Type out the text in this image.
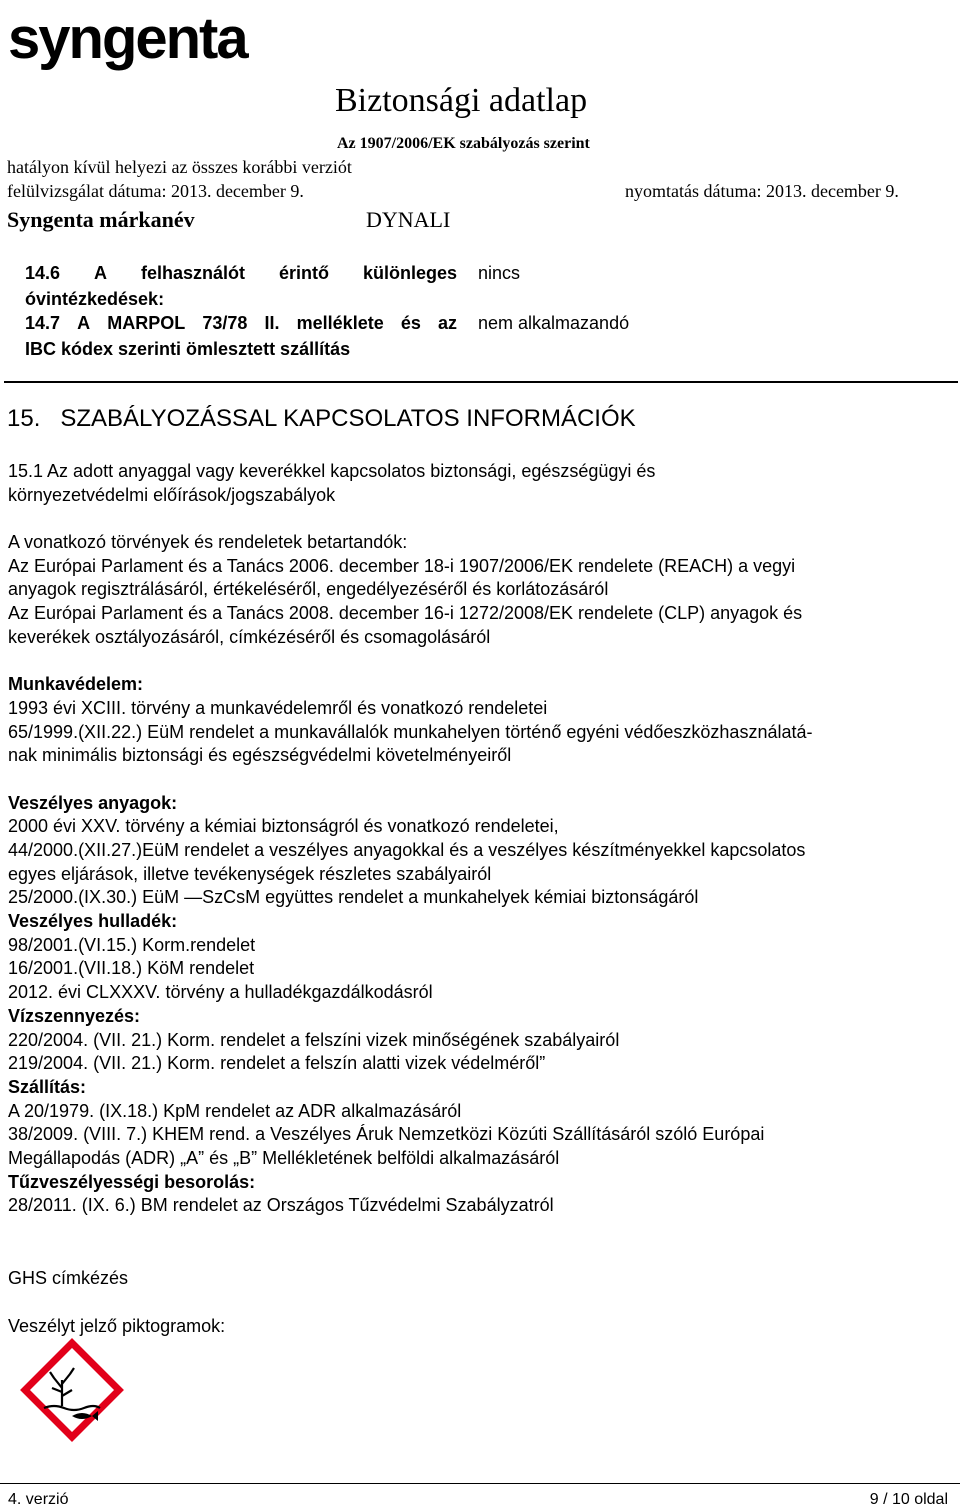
syngenta
Biztonsági adatlap
Az 1907/2006/EK szabályozás szerint
hatályon kívül helyezi az összes korábbi verziót
felülvizsgálat dátuma: 2013. december 9.	nyomtatás dátuma: 2013. december 9.
Syngenta márkanév	DYNALI
14.6 A felhasználót érintő különleges
óvintézkedések:
nincs
14.7 A MARPOL 73/78 II. melléklete és az
IBC kódex szerinti ömlesztett szállítás
nem alkalmazandó
15.   SZABÁLYOZÁSSAL KAPCSOLATOS INFORMÁCIÓK
15.1 Az adott anyaggal vagy keverékkel kapcsolatos biztonsági, egészségügyi és
környezetvédelmi előírások/jogszabályok
A vonatkozó törvények és rendeletek betartandók:
Az Európai Parlament és a Tanács 2006. december 18-i 1907/2006/EK rendelete (REACH) a vegyi
anyagok regisztrálásáról, értékeléséről, engedélyezéséről és korlátozásáról
Az Európai Parlament és a Tanács 2008. december 16-i 1272/2008/EK rendelete (CLP) anyagok és
keverékek osztályozásáról, címkézéséről és csomagolásáról
Munkavédelem:
1993 évi XCIII. törvény a munkavédelemről és vonatkozó rendeletei
65/1999.(XII.22.) EüM rendelet a munkavállalók munkahelyen történő egyéni védőeszközhasználatá-
nak minimális biztonsági és egészségvédelmi követelményeiről
Veszélyes anyagok:
2000 évi XXV. törvény a kémiai biztonságról és vonatkozó rendeletei,
44/2000.(XII.27.)EüM rendelet a veszélyes anyagokkal és a veszélyes készítményekkel kapcsolatos
egyes eljárások, illetve tevékenységek részletes szabályairól
25/2000.(IX.30.) EüM —SzCsM együttes rendelet a munkahelyek kémiai biztonságáról
Veszélyes hulladék:
98/2001.(VI.15.) Korm.rendelet
16/2001.(VII.18.) KöM rendelet
2012. évi CLXXXV. törvény a hulladékgazdálkodásról
Vízszennyezés:
220/2004. (VII. 21.) Korm. rendelet a felszíni vizek minőségének szabályairól
219/2004. (VII. 21.) Korm. rendelet a felszín alatti vizek védelméről”
Szállítás:
A 20/1979. (IX.18.) KpM rendelet az ADR alkalmazásáról
38/2009. (VIII. 7.) KHEM rend. a Veszélyes Áruk Nemzetközi Közúti Szállításáról szóló Európai
Megállapodás (ADR) „A” és „B” Mellékletének belföldi alkalmazásáról
Tűzveszélyességi besorolás:
28/2011. (IX. 6.) BM rendelet az Országos Tűzvédelmi Szabályzatról
GHS címkézés
Veszélyt jelző piktogramok:
4. verzió	9 / 10 oldal
